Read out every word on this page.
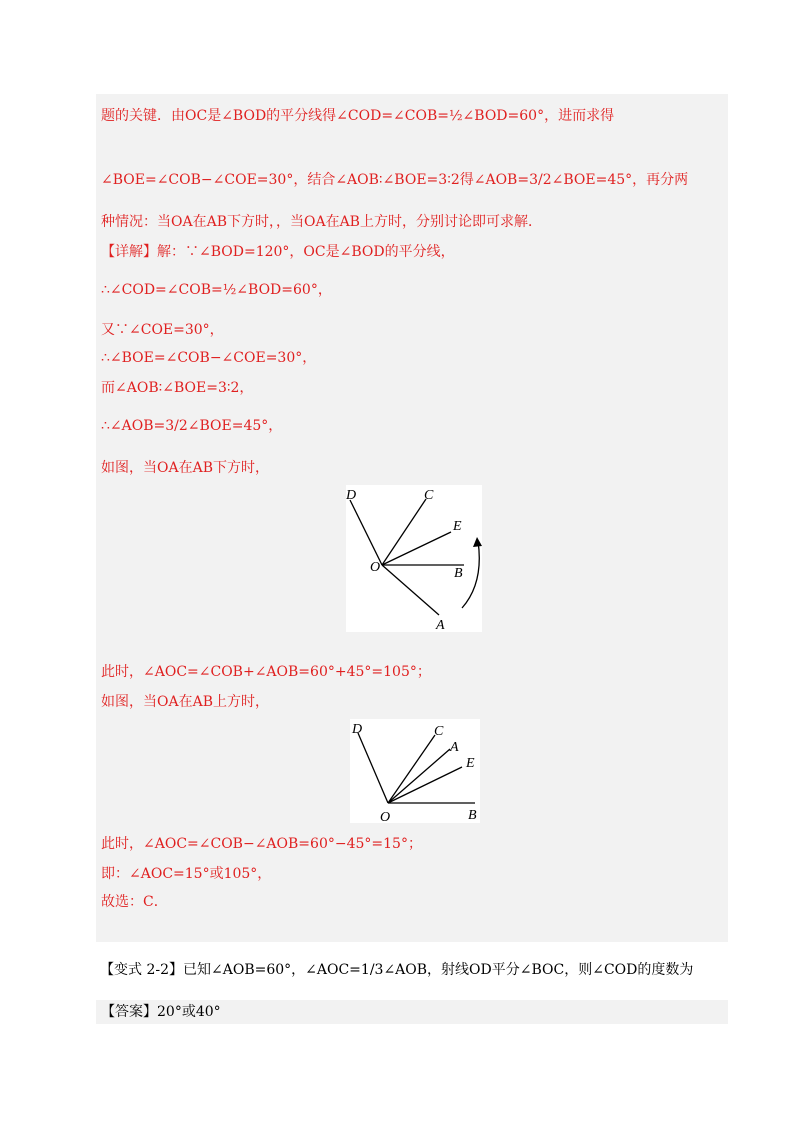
题的关键．由OC是∠BOD的平分线得∠COD=∠COB=½∠BOD=60°，进而求得
∠BOE=∠COB−∠COE=30°，结合∠AOB∶∠BOE=3∶2得∠AOB=3/2∠BOE=45°，再分两
种情况：当OA在AB下方时，，当OA在AB上方时，分别讨论即可求解．
【详解】解：∵∠BOD=120°，OC是∠BOD的平分线，
∴∠COD=∠COB=½∠BOD=60°，
又∵∠COE=30°，
∴∠BOE=∠COB−∠COE=30°，
而∠AOB∶∠BOE=3∶2，
∴∠AOB=3/2∠BOE=45°，
如图，当OA在AB下方时，
D	C
E
O	B
A
此时，∠AOC=∠COB+∠AOB=60°+45°=105°；
如图，当OA在AB上方时，
D	C
A
E
O	B
此时，∠AOC=∠COB−∠AOB=60°−45°=15°；
即：∠AOC=15°或105°，
故选：C．
【变式 2-2】已知∠AOB=60°，∠AOC=1/3∠AOB，射线OD平分∠BOC，则∠COD的度数为
【答案】20°或40°
